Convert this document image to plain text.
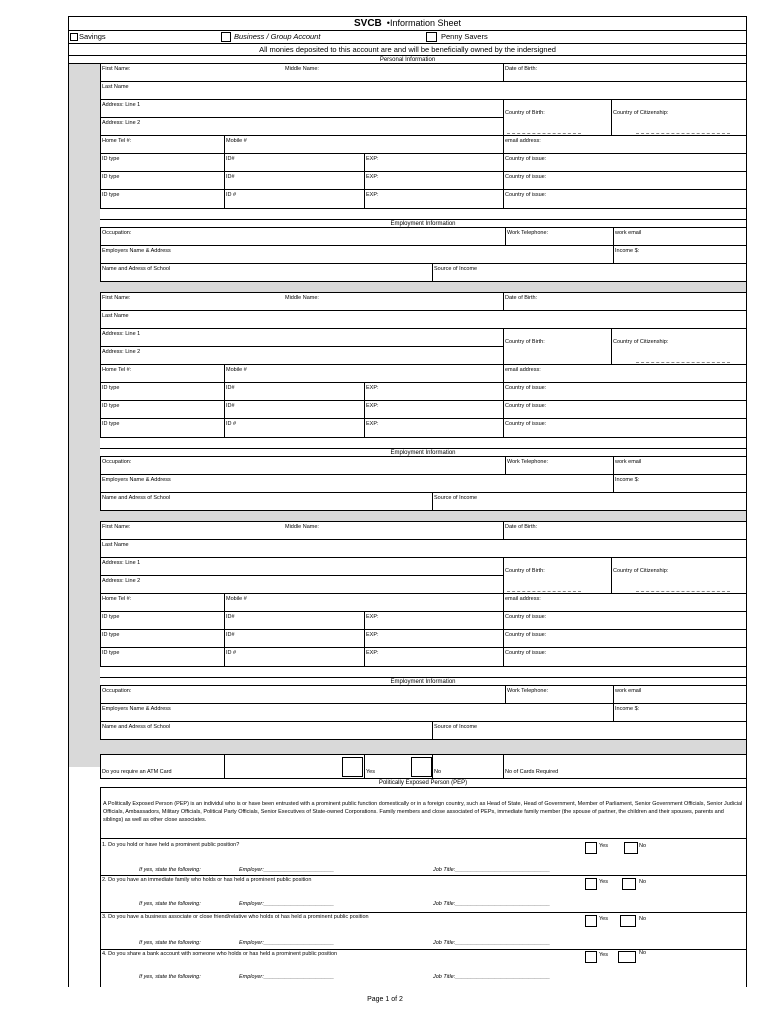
SVCB  •Information Sheet
Savings	Business / Group Account	Penny Savers
All monies deposited to this account are and will be beneficially owned by the indersigned
Personal Information
First Name:	Middle Name:	Date of Birth:
Last Name
Address: Line 1
Country of Birth:	Country of Citizenship:
Address: Line 2
Home Tel #:	Mobile #	email address:
ID type	ID#	EXP:	Country of issue:
ID type	ID#	EXP:	Country of issue:
ID type	ID #	EXP:	Country of issue:
Employment Information
Occupation:	Work Telephone:	work email
Employers Name & Address	Income $:
Name and Adress of School	Source of Income
First Name:	Middle Name:	Date of Birth:
Last Name
Address: Line 1
Country of Birth:	Country of Citizenship:
Address: Line 2
Home Tel #:	Mobile #	email address:
ID type	ID#	EXP:	Country of issue:
ID type	ID#	EXP:	Country of issue:
ID type	ID #	EXP:	Country of issue:
Employment Information
Occupation:	Work Telephone:	work email
Employers Name & Address	Income $:
Name and Adress of School	Source of Income
First Name:	Middle Name:	Date of Birth:
Last Name
Address: Line 1
Country of Birth:	Country of Citizenship:
Address: Line 2
Home Tel #:	Mobile #	email address:
ID type	ID#	EXP:	Country of issue:
ID type	ID#	EXP:	Country of issue:
ID type	ID #	EXP:	Country of issue:
Employment Information
Occupation:	Work Telephone:	work email
Employers Name & Address	Income $:
Name and Adress of School	Source of Income
Do you require an ATM Card	Yes	No	No of Cards Required
Politically Exposed Person (PEP)
A Politically Exposed Person (PEP) is an individul who is or have been entrusted with a prominent public function domestically or in a foreign country, such as Head of State, Head of Government, Member of Parliament, Senior Government Officials, Senior Judicial Officials, Ambassadors, Military Officials, Political Party Officials, Senior Executives of State-owned Corporations. Family members and close associated of PEPs, immediate family member (the spouse of partner, the children and their spouses, parents and siblings) as well as other close associates.
1. Do you hold or have held a prominent public position?	Yes	No
If yes, state the following:	Employer:_______________________	Job Title:_______________________________
2. Do you have an immediate family who holds or has held a prominent public position	Yes	No
If yes, state the following:	Employer:_______________________	Job Title:_______________________________
3. Do you have a business associate or close friend/relative who holds ot has held a prominent public position	Yes	No
If yes, state the following:	Employer:_______________________	Job Title:_______________________________
4. Do you share a bank account with someone who holds or has held a prominent public position	Yes	No
If yes, state the following:	Employer:_______________________	Job Title:_______________________________
Page 1 of 2
